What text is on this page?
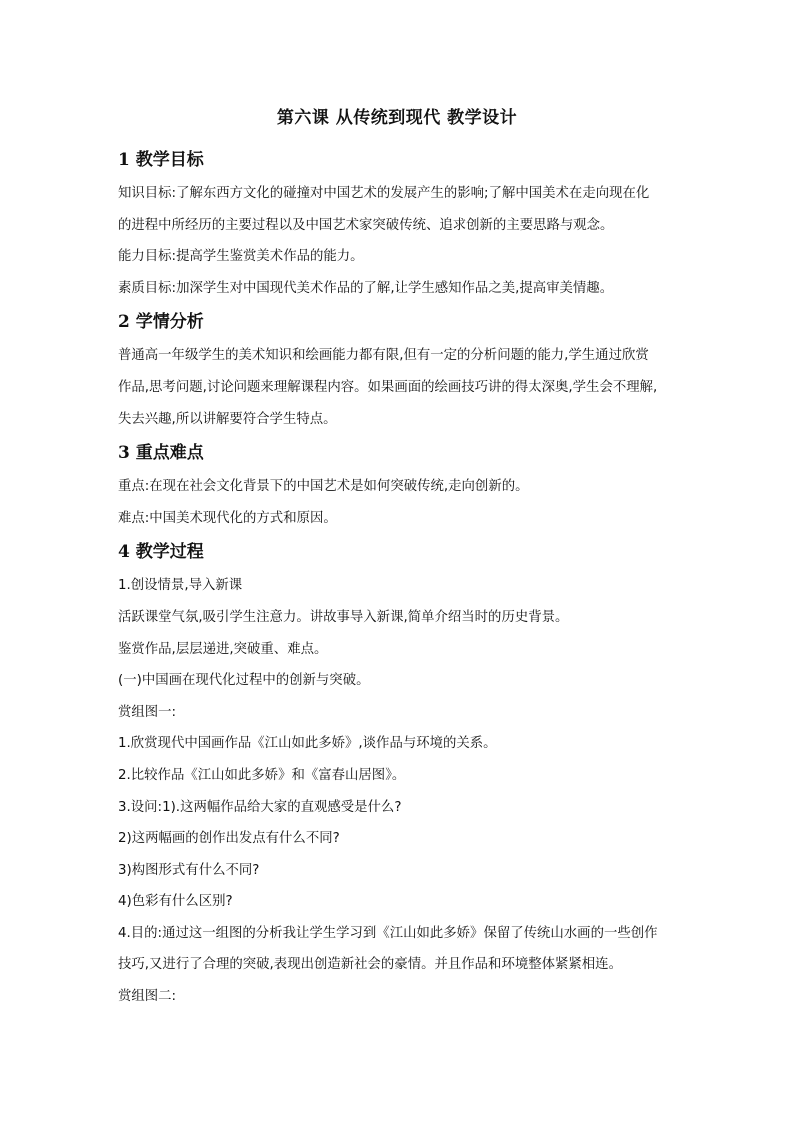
第六课 从传统到现代 教学设计
1 教学目标

知识目标:了解东西方文化的碰撞对中国艺术的发展产生的影响;了解中国美术在走向现在化

的进程中所经历的主要过程以及中国艺术家突破传统、追求创新的主要思路与观念。

能力目标:提高学生鉴赏美术作品的能力。

素质目标:加深学生对中国现代美术作品的了解,让学生感知作品之美,提高审美情趣。

2 学情分析

普通高一年级学生的美术知识和绘画能力都有限,但有一定的分析问题的能力,学生通过欣赏

作品,思考问题,讨论问题来理解课程内容。如果画面的绘画技巧讲的得太深奥,学生会不理解,

失去兴趣,所以讲解要符合学生特点。

3 重点难点

重点:在现在社会文化背景下的中国艺术是如何突破传统,走向创新的。

难点:中国美术现代化的方式和原因。

4 教学过程

1.创设情景,导入新课

活跃课堂气氛,吸引学生注意力。讲故事导入新课,简单介绍当时的历史背景。

鉴赏作品,层层递进,突破重、难点。

(一)中国画在现代化过程中的创新与突破。

赏组图一:

1.欣赏现代中国画作品《江山如此多娇》,谈作品与环境的关系。

2.比较作品《江山如此多娇》和《富春山居图》。

3.设问:1).这两幅作品给大家的直观感受是什么?

2)这两幅画的创作出发点有什么不同?

3)构图形式有什么不同?

4)色彩有什么区别?

4.目的:通过这一组图的分析我让学生学习到《江山如此多娇》保留了传统山水画的一些创作

技巧,又进行了合理的突破,表现出创造新社会的豪情。并且作品和环境整体紧紧相连。

赏组图二:
